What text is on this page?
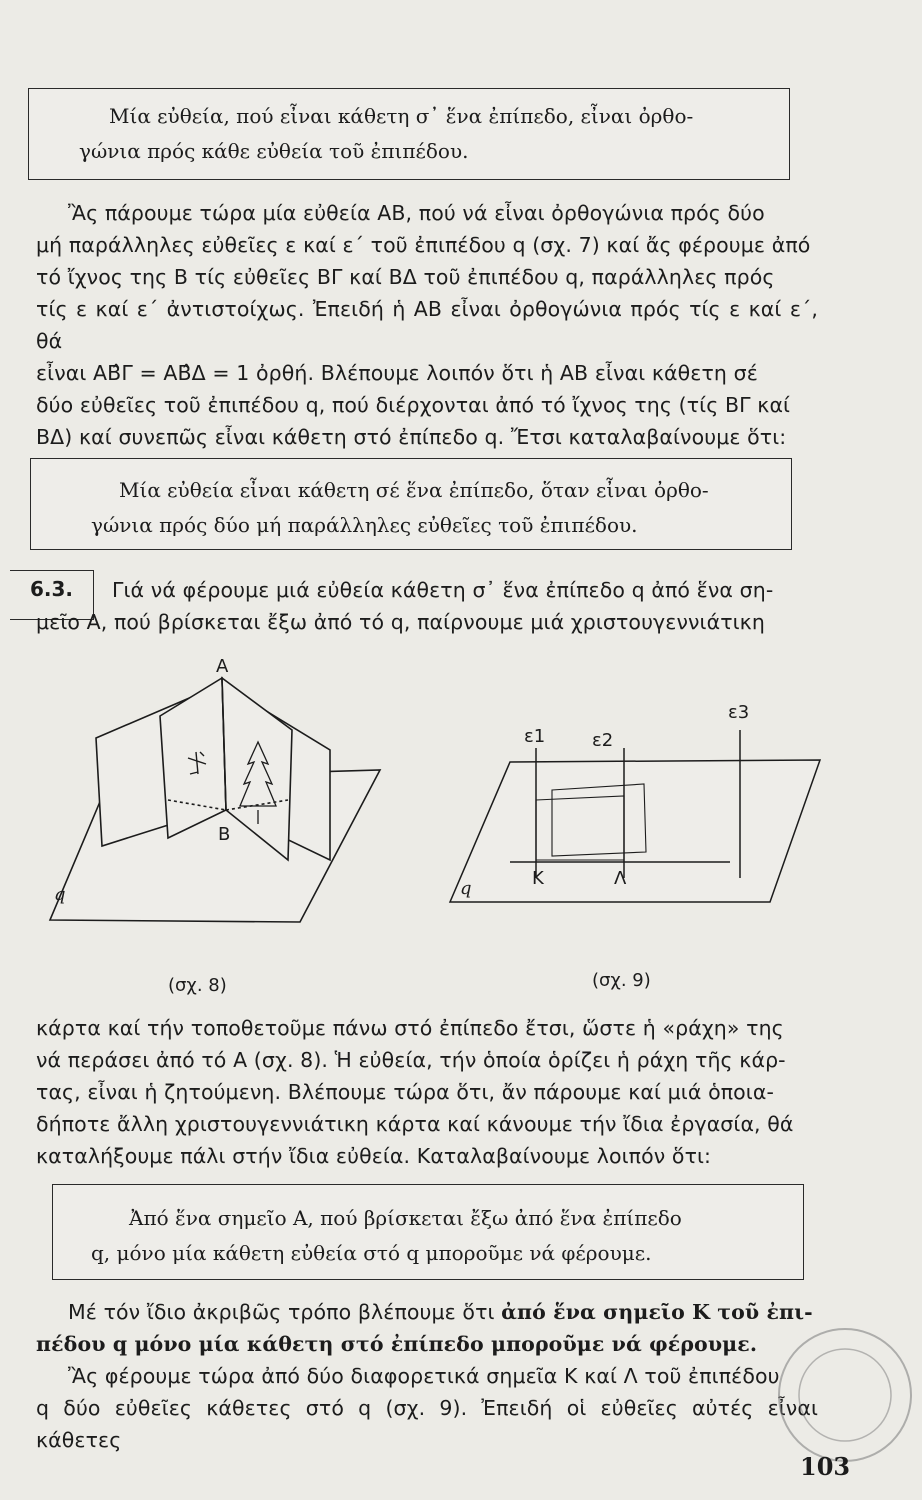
Μία εὐθεία, πού εἶναι κάθετη σ᾽ ἕνα ἐπίπεδο, εἶναι ὀρθο-

γώνια πρός κάθε εὐθεία τοῦ ἐπιπέδου.

Ἂς πάρουμε τώρα μία εὐθεία ΑΒ, πού νά εἶναι ὀρθογώνια πρός δύο

μή παράλληλες εὐθεῖες ε καί ε΄ τοῦ ἐπιπέδου q (σχ. 7) καί ἄς φέρουμε ἀπό

τό ἴχνος της Β τίς εὐθεῖες ΒΓ καί ΒΔ τοῦ ἐπιπέδου q, παράλληλες πρός

τίς ε καί ε΄ ἀντιστοίχως. Ἐπειδή ἡ ΑΒ εἶναι ὀρθογώνια πρός τίς ε καί ε΄, θά

εἶναι ΑΒ̂Γ = ΑΒ̂Δ = 1 ὀρθή. Βλέπουμε λοιπόν ὅτι ἡ ΑΒ εἶναι κάθετη σέ

δύο εὐθεῖες τοῦ ἐπιπέδου q, πού διέρχονται ἀπό τό ἴχνος της (τίς ΒΓ καί

ΒΔ) καί συνεπῶς εἶναι κάθετη στό ἐπίπεδο q. Ἔτσι καταλαβαίνουμε ὅτι:

Μία εὐθεία εἶναι κάθετη σέ ἕνα ἐπίπεδο, ὅταν εἶναι ὀρθο-

γώνια πρός δύο μή παράλληλες εὐθεῖες τοῦ ἐπιπέδου.

6.3.	Γιά νά φέρουμε μιά εὐθεία κάθετη σ᾽ ἕνα ἐπίπεδο q ἀπό ἕνα ση-

μεῖο Α, πού βρίσκεται ἔξω ἀπό τό q, παίρνουμε μιά χριστουγεννιάτικη

A
B
q
(σχ. 8)
ε1	ε2
ε3
K	Λ
q
(σχ. 9)

κάρτα καί τήν τοποθετοῦμε πάνω στό ἐπίπεδο ἔτσι, ὥστε ἡ «ράχη» της

νά περάσει ἀπό τό Α (σχ. 8). Ἡ εὐθεία, τήν ὁποία ὁρίζει ἡ ράχη τῆς κάρ-

τας, εἶναι ἡ ζητούμενη. Βλέπουμε τώρα ὅτι, ἄν πάρουμε καί μιά ὁποια-

δήποτε ἄλλη χριστουγεννιάτικη κάρτα καί κάνουμε τήν ἴδια ἐργασία, θά

καταλήξουμε πάλι στήν ἴδια εὐθεία. Καταλαβαίνουμε λοιπόν ὅτι:

Ἀπό ἕνα σημεῖο Α, πού βρίσκεται ἔξω ἀπό ἕνα ἐπίπεδο

q, μόνο μία κάθετη εὐθεία στό q μποροῦμε νά φέρουμε.

Μέ τόν ἴδιο ἀκριβῶς τρόπο βλέπουμε ὅτι ἀπό ἕνα σημεῖο Κ τοῦ ἐπι-

πέδου q μόνο μία κάθετη στό ἐπίπεδο μποροῦμε νά φέρουμε.

Ἂς φέρουμε τώρα ἀπό δύο διαφορετικά σημεῖα Κ καί Λ τοῦ ἐπιπέδου

q δύο εὐθεῖες κάθετες στό q (σχ. 9). Ἐπειδή οἱ εὐθεῖες αὐτές εἶναι κάθετες

103
